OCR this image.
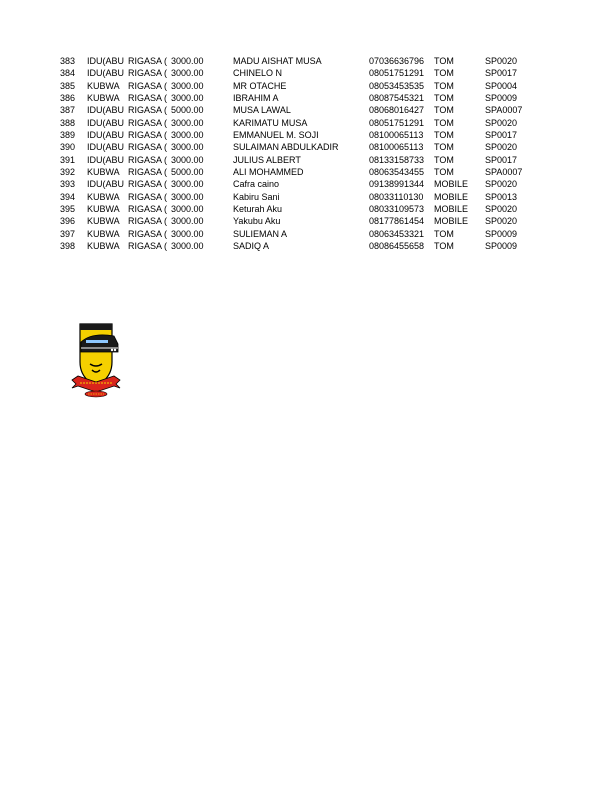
383	IDU(ABU RIGASA ( 3000.00	MADU AISHAT MUSA	07036636796	TOM	SP0020
384	IDU(ABU RIGASA ( 3000.00	CHINELO N	08051751291	TOM	SP0017
385	KUBWA RIGASA ( 3000.00	MR OTACHE	08053453535	TOM	SP0004
386	KUBWA RIGASA ( 3000.00	IBRAHIM A	08087545321	TOM	SP0009
387	IDU(ABU RIGASA ( 5000.00	MUSA LAWAL	08068016427	TOM	SPA0007
388	IDU(ABU RIGASA ( 3000.00	KARIMATU MUSA	08051751291	TOM	SP0020
389	IDU(ABU RIGASA ( 3000.00	EMMANUEL M. SOJI	08100065113	TOM	SP0017
390	IDU(ABU RIGASA ( 3000.00	SULAIMAN ABDULKADIR	08100065113	TOM	SP0020
391	IDU(ABU RIGASA ( 3000.00	JULIUS ALBERT	08133158733	TOM	SP0017
392	KUBWA RIGASA ( 5000.00	ALI MOHAMMED	08063543455	TOM	SPA0007
393	IDU(ABU RIGASA ( 3000.00	Cafra caino	09138991344	MOBILE	SP0020
394	KUBWA RIGASA ( 3000.00	Kabiru Sani	08033110130	MOBILE	SP0013
395	KUBWA RIGASA ( 3000.00	Keturah Aku	08033109573	MOBILE	SP0020
396	KUBWA RIGASA ( 3000.00	Yakubu Aku	08177861454	MOBILE	SP0020
397	KUBWA RIGASA ( 3000.00	SULIEMAN A	08063453321	TOM	SP0009
398	KUBWA RIGASA ( 3000.00	SADIQ A	08086455658	TOM	SP0009
